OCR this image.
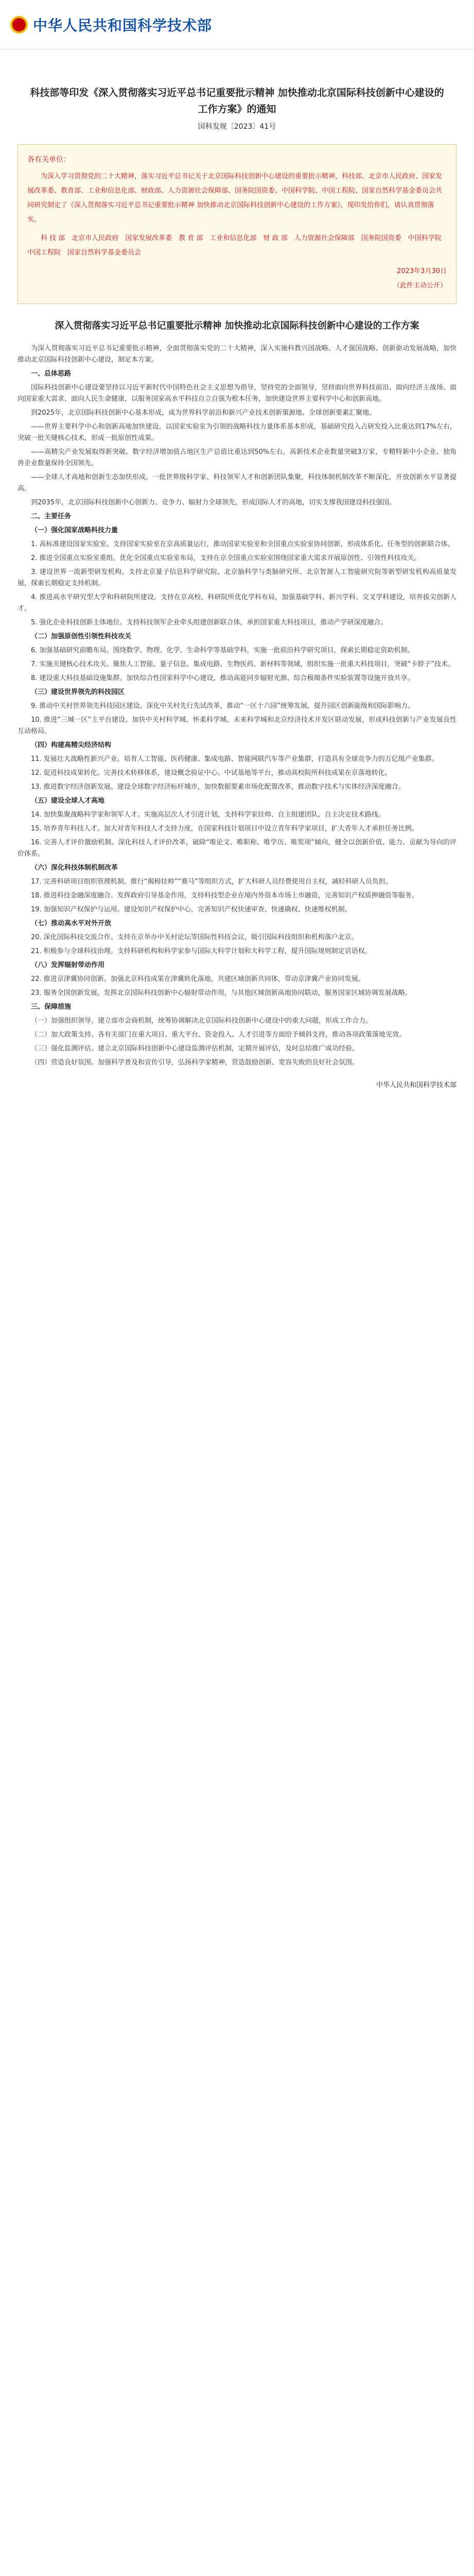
中华人民共和国科学技术部
科技部等印发《深入贯彻落实习近平总书记重要批示精神 加快推动北京国际科技创新中心建设的工作方案》的通知
国科发规〔2023〕41号
各有关单位：

为深入学习贯彻党的二十大精神，落实习近平总书记关于北京国际科技创新中心建设的重要批示精神，科技部、北京市人民政府、国家发展改革委、教育部、工业和信息化部、财政部、人力资源社会保障部、国务院国资委、中国科学院、中国工程院、国家自然科学基金委员会共同研究制定了《深入贯彻落实习近平总书记重要批示精神 加快推动北京国际科技创新中心建设的工作方案》，现印发给你们，请认真贯彻落实。

科 技 部　北京市人民政府　国家发展改革委　教 育 部　工业和信息化部　财 政 部　人力资源社会保障部　国务院国资委　中国科学院　中国工程院　国家自然科学基金委员会

2023年3月30日

（此件主动公开）

深入贯彻落实习近平总书记重要批示精神 加快推动北京国际科技创新中心建设的工作方案

为深入贯彻落实习近平总书记重要批示精神，全面贯彻落实党的二十大精神，深入实施科教兴国战略、人才强国战略、创新驱动发展战略，加快推动北京国际科技创新中心建设，制定本方案。

一、总体思路

国际科技创新中心建设要坚持以习近平新时代中国特色社会主义思想为指导，坚持党的全面领导，坚持面向世界科技前沿、面向经济主战场、面向国家重大需求、面向人民生命健康，以服务国家高水平科技自立自强为根本任务，加快建设世界主要科学中心和创新高地。

到2025年，北京国际科技创新中心基本形成，成为世界科学前沿和新兴产业技术创新策源地、全球创新要素汇聚地。

——世界主要科学中心和创新高地加快建设。以国家实验室为引领的战略科技力量体系基本形成，基础研究投入占研发投入比重达到17%左右，突破一批关键核心技术，形成一批原创性成果。

——高精尖产业发展取得新突破。数字经济增加值占地区生产总值比重达到50%左右，高新技术企业数量突破3万家，专精特新中小企业、独角兽企业数量保持全国领先。

——全球人才高地和创新生态加快形成。一批世界级科学家、科技领军人才和创新团队集聚，科技体制机制改革不断深化，开放创新水平显著提高。

到2035年，北京国际科技创新中心创新力、竞争力、辐射力全球领先，形成国际人才的高地，切实支撑我国建设科技强国。

二、主要任务

（一）强化国家战略科技力量

1. 高标准建设国家实验室。支持国家实验室在京高质量运行，推动国家实验室和全国重点实验室协同创新，形成体系化、任务型的创新联合体。

2. 推进全国重点实验室重组。优化全国重点实验室布局，支持在京全国重点实验室围绕国家重大需求开展原创性、引领性科技攻关。

3. 建设世界一流新型研发机构。支持北京量子信息科学研究院、北京脑科学与类脑研究所、北京智源人工智能研究院等新型研发机构高质量发展，探索长期稳定支持机制。

4. 推进高水平研究型大学和科研院所建设。支持在京高校、科研院所优化学科布局，加强基础学科、新兴学科、交叉学科建设，培养拔尖创新人才。

5. 强化企业科技创新主体地位。支持科技领军企业牵头组建创新联合体，承担国家重大科技项目，推动产学研深度融合。

（二）加强原创性引领性科技攻关

6. 加强基础研究前瞻布局。围绕数学、物理、化学、生命科学等基础学科，实施一批前沿科学研究项目，探索长期稳定资助机制。

7. 实施关键核心技术攻关。聚焦人工智能、量子信息、集成电路、生物医药、新材料等领域，组织实施一批重大科技项目，突破“卡脖子”技术。

8. 建设重大科技基础设施集群。加快综合性国家科学中心建设，推动高能同步辐射光源、综合极端条件实验装置等设施开放共享。

（三）建设世界领先的科技园区

9. 推动中关村世界领先科技园区建设。深化中关村先行先试改革，推动“一区十六园”统筹发展，提升园区创新能级和国际影响力。

10. 推进“三城一区”主平台建设。加快中关村科学城、怀柔科学城、未来科学城和北京经济技术开发区联动发展，形成科技创新与产业发展良性互动格局。

（四）构建高精尖经济结构

11. 发展壮大战略性新兴产业。培育人工智能、医药健康、集成电路、智能网联汽车等产业集群，打造具有全球竞争力的万亿级产业集群。

12. 促进科技成果转化。完善技术转移体系，建设概念验证中心、中试基地等平台，推动高校院所科技成果在京落地转化。

13. 推进数字经济创新发展。建设全球数字经济标杆城市，加快数据要素市场化配置改革，推动数字技术与实体经济深度融合。

（五）建设全球人才高地

14. 加快集聚战略科学家和领军人才。实施高层次人才引进计划，支持科学家挂帅、自主组建团队、自主决定技术路线。

15. 培养青年科技人才。加大对青年科技人才支持力度，在国家科技计划项目中设立青年科学家项目，扩大青年人才承担任务比例。

16. 完善人才评价激励机制。深化科技人才评价改革，破除“唯论文、唯职称、唯学历、唯奖项”倾向，健全以创新价值、能力、贡献为导向的评价体系。

（六）深化科技体制机制改革

17. 完善科研项目组织管理机制。推行“揭榜挂帅”“赛马”等组织方式，扩大科研人员经费使用自主权，减轻科研人员负担。

18. 推进科技金融深度融合。发挥政府引导基金作用，支持科技型企业在境内外资本市场上市融资，完善知识产权质押融资等服务。

19. 加强知识产权保护与运用。建设知识产权保护中心，完善知识产权快速审查、快速确权、快速维权机制。

（七）推动高水平对外开放

20. 深化国际科技交流合作。支持在京举办中关村论坛等国际性科技会议，吸引国际科技组织和机构落户北京。

21. 积极参与全球科技治理。支持科研机构和科学家参与国际大科学计划和大科学工程，提升国际规则制定话语权。

（八）发挥辐射带动作用

22. 推进京津冀协同创新。加强北京科技成果在津冀转化落地，共建区域创新共同体，带动京津冀产业协同发展。

23. 服务全国创新发展。发挥北京国际科技创新中心辐射带动作用，与其他区域创新高地协同联动，服务国家区域协调发展战略。

三、保障措施

（一）加强组织领导。建立部市会商机制，统筹协调解决北京国际科技创新中心建设中的重大问题，形成工作合力。

（二）加大政策支持。各有关部门在重大项目、重大平台、资金投入、人才引进等方面给予倾斜支持，推动各项政策落地见效。

（三）强化监测评估。建立北京国际科技创新中心建设监测评估机制，定期开展评估，及时总结推广成功经验。

（四）营造良好氛围。加强科学普及和宣传引导，弘扬科学家精神，营造鼓励创新、宽容失败的良好社会氛围。

中华人民共和国科学技术部
